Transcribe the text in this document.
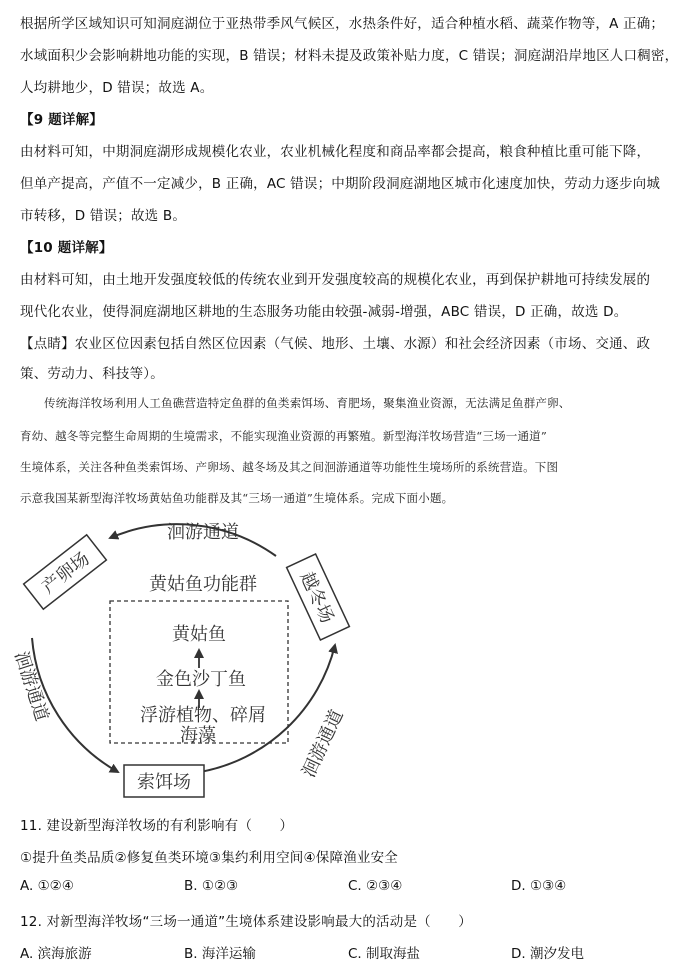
根据所学区域知识可知洞庭湖位于亚热带季风气候区，水热条件好，适合种植水稻、蔬菜作物等，A 正确；
水域面积少会影响耕地功能的实现，B 错误；材料未提及政策补贴力度，C 错误；洞庭湖沿岸地区人口稠密，
人均耕地少，D 错误；故选 A。
【9 题详解】
由材料可知，中期洞庭湖形成规模化农业，农业机械化程度和商品率都会提高，粮食种植比重可能下降，
但单产提高，产值不一定减少，B 正确，AC 错误；中期阶段洞庭湖地区城市化速度加快，劳动力逐步向城
市转移，D 错误；故选 B。
【10 题详解】
由材料可知，由土地开发强度较低的传统农业到开发强度较高的规模化农业，再到保护耕地可持续发展的
现代化农业，使得洞庭湖地区耕地的生态服务功能由较强-减弱-增强，ABC 错误，D 正确，故选 D。
【点睛】农业区位因素包括自然区位因素（气候、地形、土壤、水源）和社会经济因素（市场、交通、政
策、劳动力、科技等）。
传统海洋牧场利用人工鱼礁营造特定鱼群的鱼类索饵场、育肥场，聚集渔业资源，无法满足鱼群产卵、
育幼、越冬等完整生命周期的生境需求，不能实现渔业资源的再繁殖。新型海洋牧场营造“三场一通道”
生境体系，关注各种鱼类索饵场、产卵场、越冬场及其之间洄游通道等功能性生境场所的系统营造。下图
示意我国某新型海洋牧场黄姑鱼功能群及其“三场一通道”生境体系。完成下面小题。
洄游通道
洄游通道
洄游通道
产卵场	越冬场
索饵场
黄姑鱼功能群
黄姑鱼
金色沙丁鱼
浮游植物、碎屑
海藻
11. 建设新型海洋牧场的有利影响有（　　）
①提升鱼类品质②修复鱼类环境③集约利用空间④保障渔业安全
A. ①②④	B. ①②③	C. ②③④	D. ①③④
12. 对新型海洋牧场“三场一通道”生境体系建设影响最大的活动是（　　）
A. 滨海旅游	B. 海洋运输	C. 制取海盐	D. 潮汐发电
